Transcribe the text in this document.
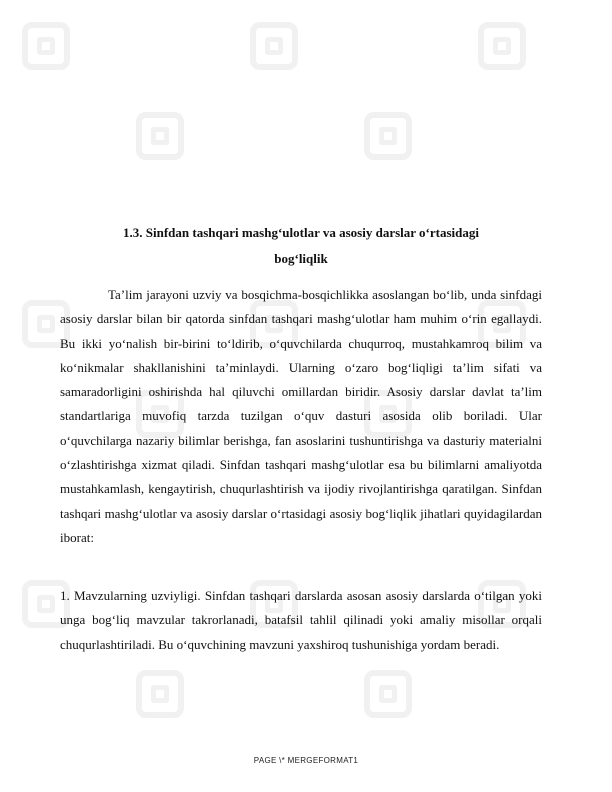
1.3. Sinfdan tashqari mashg‘ulotlar va asosiy darslar o‘rtasidagi
bog‘liqlik

Ta’lim jarayoni uzviy va bosqichma-bosqichlikka asoslangan bo‘lib, unda sinfdagi asosiy darslar bilan bir qatorda sinfdan tashqari mashg‘ulotlar ham muhim o‘rin egallaydi. Bu ikki yo‘nalish bir-birini to‘ldirib, o‘quvchilarda chuqurroq, mustahkamroq bilim va ko‘nikmalar shakllanishini ta’minlaydi. Ularning o‘zaro bog‘liqligi ta’lim sifati va samaradorligini oshirishda hal qiluvchi omillardan biridir. Asosiy darslar davlat ta’lim standartlariga muvofiq tarzda tuzilgan o‘quv dasturi asosida olib boriladi. Ular o‘quvchilarga nazariy bilimlar berishga, fan asoslarini tushuntirishga va dasturiy materialni o‘zlashtirishga xizmat qiladi. Sinfdan tashqari mashg‘ulotlar esa bu bilimlarni amaliyotda mustahkamlash, kengaytirish, chuqurlashtirish va ijodiy rivojlantirishga qaratilgan. Sinfdan tashqari mashg‘ulotlar va asosiy darslar o‘rtasidagi asosiy bog‘liqlik jihatlari quyidagilardan iborat:

1. Mavzularning uzviyligi. Sinfdan tashqari darslarda asosan asosiy darslarda o‘tilgan yoki unga bog‘liq mavzular takrorlanadi, batafsil tahlil qilinadi yoki amaliy misollar orqali chuqurlashtiriladi. Bu o‘quvchining mavzuni yaxshiroq tushunishiga yordam beradi.

PAGE \* MERGEFORMAT1
